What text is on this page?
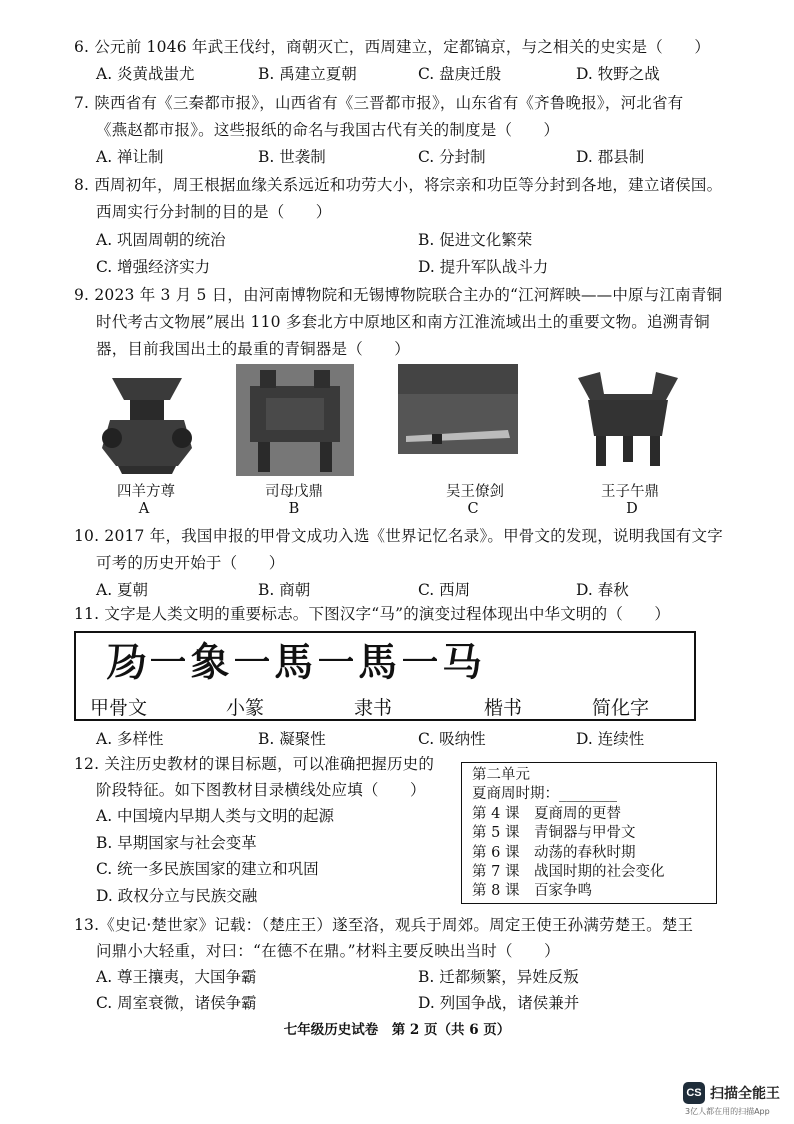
6. 公元前 1046 年武王伐纣，商朝灭亡，西周建立，定都镐京，与之相关的史实是（　　）
A. 炎黄战蚩尤	B. 禹建立夏朝	C. 盘庚迁殷	D. 牧野之战
7. 陕西省有《三秦都市报》，山西省有《三晋都市报》，山东省有《齐鲁晚报》，河北省有
《燕赵都市报》。这些报纸的命名与我国古代有关的制度是（　　）
A. 禅让制	B. 世袭制	C. 分封制	D. 郡县制
8. 西周初年，周王根据血缘关系远近和功劳大小，将宗亲和功臣等分封到各地，建立诸侯国。
西周实行分封制的目的是（　　）
A. 巩固周朝的统治	B. 促进文化繁荣
C. 增强经济实力	D. 提升军队战斗力
9. 2023 年 3 月 5 日，由河南博物院和无锡博物院联合主办的“江河辉映——中原与江南青铜
时代考古文物展”展出 110 多套北方中原地区和南方江淮流域出土的重要文物。追溯青铜
器，目前我国出土的最重的青铜器是（　　）
四羊方尊
A
司母戊鼎
B
吴王僚剑
C
王子午鼎
D
10. 2017 年，我国申报的甲骨文成功入选《世界记忆名录》。甲骨文的发现，说明我国有文字
可考的历史开始于（　　）
A. 夏朝	B. 商朝	C. 西周	D. 春秋
11. 文字是人类文明的重要标志。下图汉字“马”的演变过程体现出中华文明的（　　）
𢒀一象一馬一馬一马
甲骨文	小篆	隶书	楷书	简化字
A. 多样性	B. 凝聚性	C. 吸纳性	D. 连续性
12. 关注历史教材的课目标题，可以准确把握历史的
阶段特征。如下图教材目录横线处应填（　　）
A. 中国境内早期人类与文明的起源
B. 早期国家与社会变革
C. 统一多民族国家的建立和巩固
D. 政权分立与民族交融
第二单元
夏商周时期：________
第 4 课　夏商周的更替
第 5 课　青铜器与甲骨文
第 6 课　动荡的春秋时期
第 7 课　战国时期的社会变化
第 8 课　百家争鸣
13.《史记·楚世家》记载：（楚庄王）遂至洛，观兵于周郊。周定王使王孙满劳楚王。楚王
问鼎小大轻重，对曰：“在德不在鼎。”材料主要反映出当时（　　）
A. 尊王攘夷，大国争霸	B. 迁都频繁，异姓反叛
C. 周室衰微，诸侯争霸	D. 列国争战，诸侯兼并
七年级历史试卷　第 2 页（共 6 页）
CS 扫描全能王
3亿人都在用的扫描App
